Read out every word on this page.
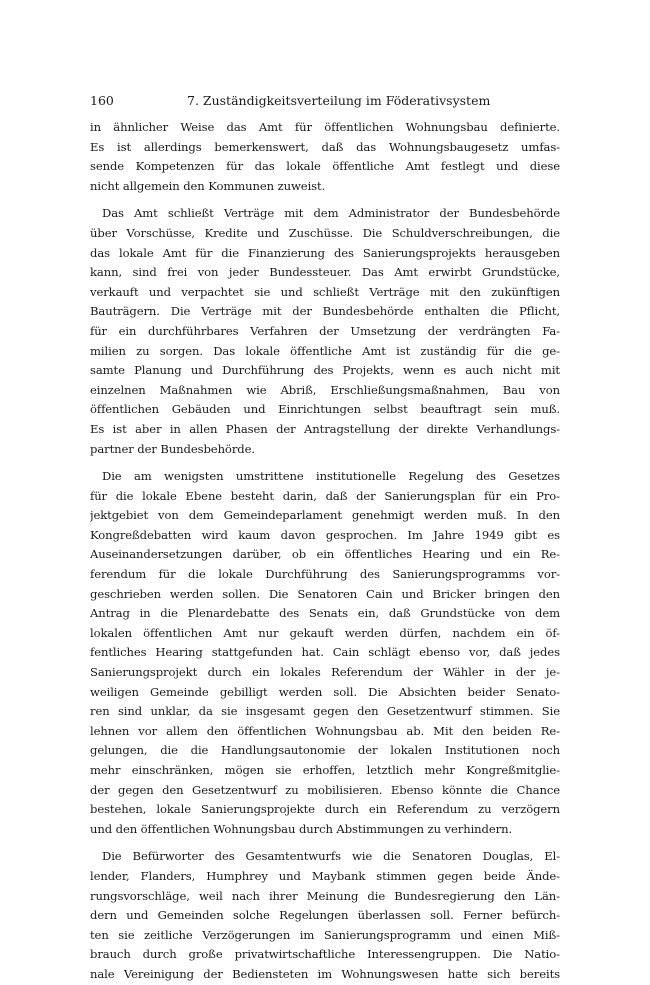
160	7. Zuständigkeitsverteilung im Föderativsystem

in ähnlicher Weise das Amt für öffentlichen Wohnungsbau definierte.
Es ist allerdings bemerkenswert, daß das Wohnungsbaugesetz umfas-
sende Kompetenzen für das lokale öffentliche Amt festlegt und diese
nicht allgemein den Kommunen zuweist.

Das Amt schließt Verträge mit dem Administrator der Bundesbehörde
über Vorschüsse, Kredite und Zuschüsse. Die Schuldverschreibungen, die
das lokale Amt für die Finanzierung des Sanierungsprojekts herausgeben
kann, sind frei von jeder Bundessteuer. Das Amt erwirbt Grundstücke,
verkauft und verpachtet sie und schließt Verträge mit den zukünftigen
Bauträgern. Die Verträge mit der Bundesbehörde enthalten die Pflicht,
für ein durchführbares Verfahren der Umsetzung der verdrängten Fa-
milien zu sorgen. Das lokale öffentliche Amt ist zuständig für die ge-
samte Planung und Durchführung des Projekts, wenn es auch nicht mit
einzelnen Maßnahmen wie Abriß, Erschließungsmaßnahmen, Bau von
öffentlichen Gebäuden und Einrichtungen selbst beauftragt sein muß.
Es ist aber in allen Phasen der Antragstellung der direkte Verhandlungs-
partner der Bundesbehörde.

Die am wenigsten umstrittene institutionelle Regelung des Gesetzes
für die lokale Ebene besteht darin, daß der Sanierungsplan für ein Pro-
jektgebiet von dem Gemeindeparlament genehmigt werden muß. In den
Kongreßdebatten wird kaum davon gesprochen. Im Jahre 1949 gibt es
Auseinandersetzungen darüber, ob ein öffentliches Hearing und ein Re-
ferendum für die lokale Durchführung des Sanierungsprogramms vor-
geschrieben werden sollen. Die Senatoren Cain und Bricker bringen den
Antrag in die Plenardebatte des Senats ein, daß Grundstücke von dem
lokalen öffentlichen Amt nur gekauft werden dürfen, nachdem ein öf-
fentliches Hearing stattgefunden hat. Cain schlägt ebenso vor, daß jedes
Sanierungsprojekt durch ein lokales Referendum der Wähler in der je-
weiligen Gemeinde gebilligt werden soll. Die Absichten beider Senato-
ren sind unklar, da sie insgesamt gegen den Gesetzentwurf stimmen. Sie
lehnen vor allem den öffentlichen Wohnungsbau ab. Mit den beiden Re-
gelungen, die die Handlungsautonomie der lokalen Institutionen noch
mehr einschränken, mögen sie erhoffen, letztlich mehr Kongreßmitglie-
der gegen den Gesetzentwurf zu mobilisieren. Ebenso könnte die Chance
bestehen, lokale Sanierungsprojekte durch ein Referendum zu verzögern
und den öffentlichen Wohnungsbau durch Abstimmungen zu verhindern.

Die Befürworter des Gesamtentwurfs wie die Senatoren Douglas, El-
lender, Flanders, Humphrey und Maybank stimmen gegen beide Ände-
rungsvorschläge, weil nach ihrer Meinung die Bundesregierung den Län-
dern und Gemeinden solche Regelungen überlassen soll. Ferner befürch-
ten sie zeitliche Verzögerungen im Sanierungsprogramm und einen Miß-
brauch durch große privatwirtschaftliche Interessengruppen. Die Natio-
nale Vereinigung der Bediensteten im Wohnungswesen hatte sich bereits
